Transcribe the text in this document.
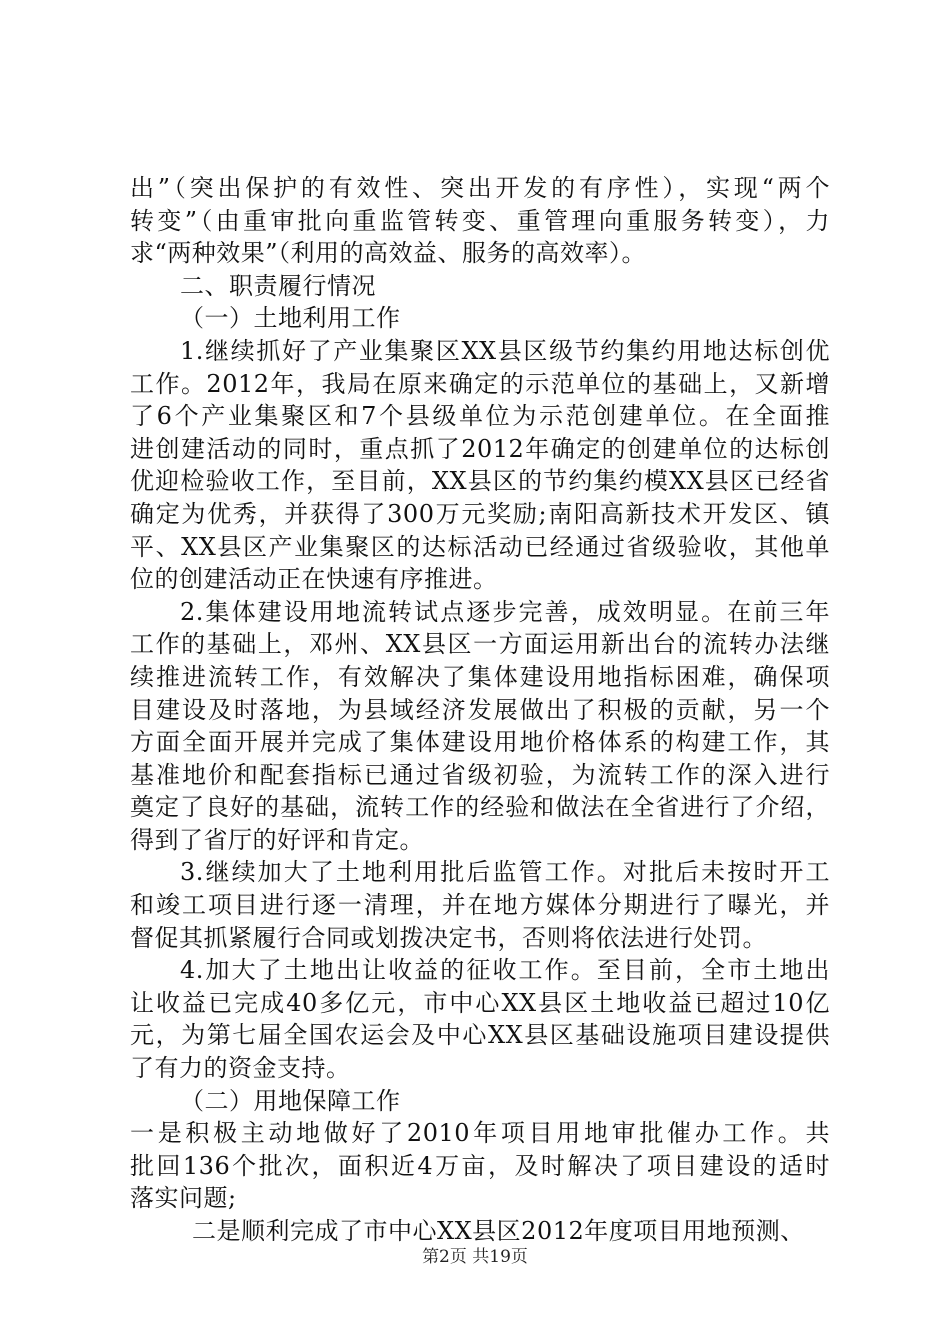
出”（突出保护的有效性、突出开发的有序性），实现“两个
转变”（由重审批向重监管转变、重管理向重服务转变），力
求“两种效果”（利用的高效益、服务的高效率）。
二、职责履行情况
（一）土地利用工作
1.继续抓好了产业集聚区XX县区级节约集约用地达标创优
工作。2012年，我局在原来确定的示范单位的基础上，又新增
了6个产业集聚区和7个县级单位为示范创建单位。在全面推
进创建活动的同时，重点抓了2012年确定的创建单位的达标创
优迎检验收工作，至目前，XX县区的节约集约模XX县区已经省
确定为优秀，并获得了300万元奖励;南阳高新技术开发区、镇
平、XX县区产业集聚区的达标活动已经通过省级验收，其他单
位的创建活动正在快速有序推进。
2.集体建设用地流转试点逐步完善，成效明显。在前三年
工作的基础上，邓州、XX县区一方面运用新出台的流转办法继
续推进流转工作，有效解决了集体建设用地指标困难，确保项
目建设及时落地，为县域经济发展做出了积极的贡献，另一个
方面全面开展并完成了集体建设用地价格体系的构建工作，其
基准地价和配套指标已通过省级初验，为流转工作的深入进行
奠定了良好的基础，流转工作的经验和做法在全省进行了介绍，
得到了省厅的好评和肯定。
3.继续加大了土地利用批后监管工作。对批后未按时开工
和竣工项目进行逐一清理，并在地方媒体分期进行了曝光，并
督促其抓紧履行合同或划拨决定书，否则将依法进行处罚。
4.加大了土地出让收益的征收工作。至目前，全市土地出
让收益已完成40多亿元，市中心XX县区土地收益已超过10亿
元，为第七届全国农运会及中心XX县区基础设施项目建设提供
了有力的资金支持。
（二）用地保障工作
一是积极主动地做好了2010年项目用地审批催办工作。共
批回136个批次，面积近4万亩，及时解决了项目建设的适时
落实问题;
二是顺利完成了市中心XX县区2012年度项目用地预测、
第2页 共19页
